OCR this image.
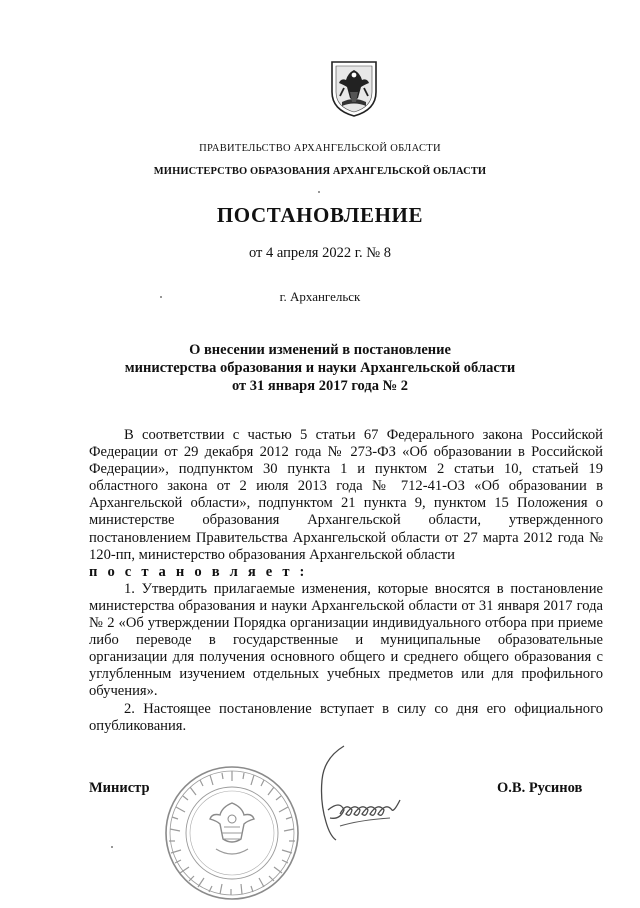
ПРАВИТЕЛЬСТВО АРХАНГЕЛЬСКОЙ ОБЛАСТИ
МИНИСТЕРСТВО ОБРАЗОВАНИЯ АРХАНГЕЛЬСКОЙ ОБЛАСТИ
ПОСТАНОВЛЕНИЕ
от 4 апреля 2022 г. № 8
г. Архангельск
О внесении изменений в постановление
министерства образования и науки Архангельской области
от 31 января 2017 года № 2

В соответствии с частью 5 статьи 67 Федерального закона Российской Федерации от 29 декабря 2012 года № 273-ФЗ «Об образовании в Российской Федерации», подпунктом 30 пункта 1 и пунктом 2 статьи 10, статьей 19 областного закона от 2 июля 2013 года № 712-41-ОЗ «Об образовании в Архангельской области», подпунктом 21 пункта 9, пунктом 15 Положения о министерстве образования Архангельской области, утвержденного постановлением Правительства Архангельской области от 27 марта 2012 года № 120-пп, министерство образования Архангельской области

п о с т а н о в л я е т :

1. Утвердить прилагаемые изменения, которые вносятся в постановление министерства образования и науки Архангельской области от 31 января 2017 года № 2 «Об утверждении Порядка организации индивидуального отбора при приеме либо переводе в государственные и муниципальные образовательные организации для получения основного общего и среднего общего образования с углубленным изучением отдельных учебных предметов или для профильного обучения».

2. Настоящее постановление вступает в силу со дня его официального опубликования.

Министр	О.В. Русинов
